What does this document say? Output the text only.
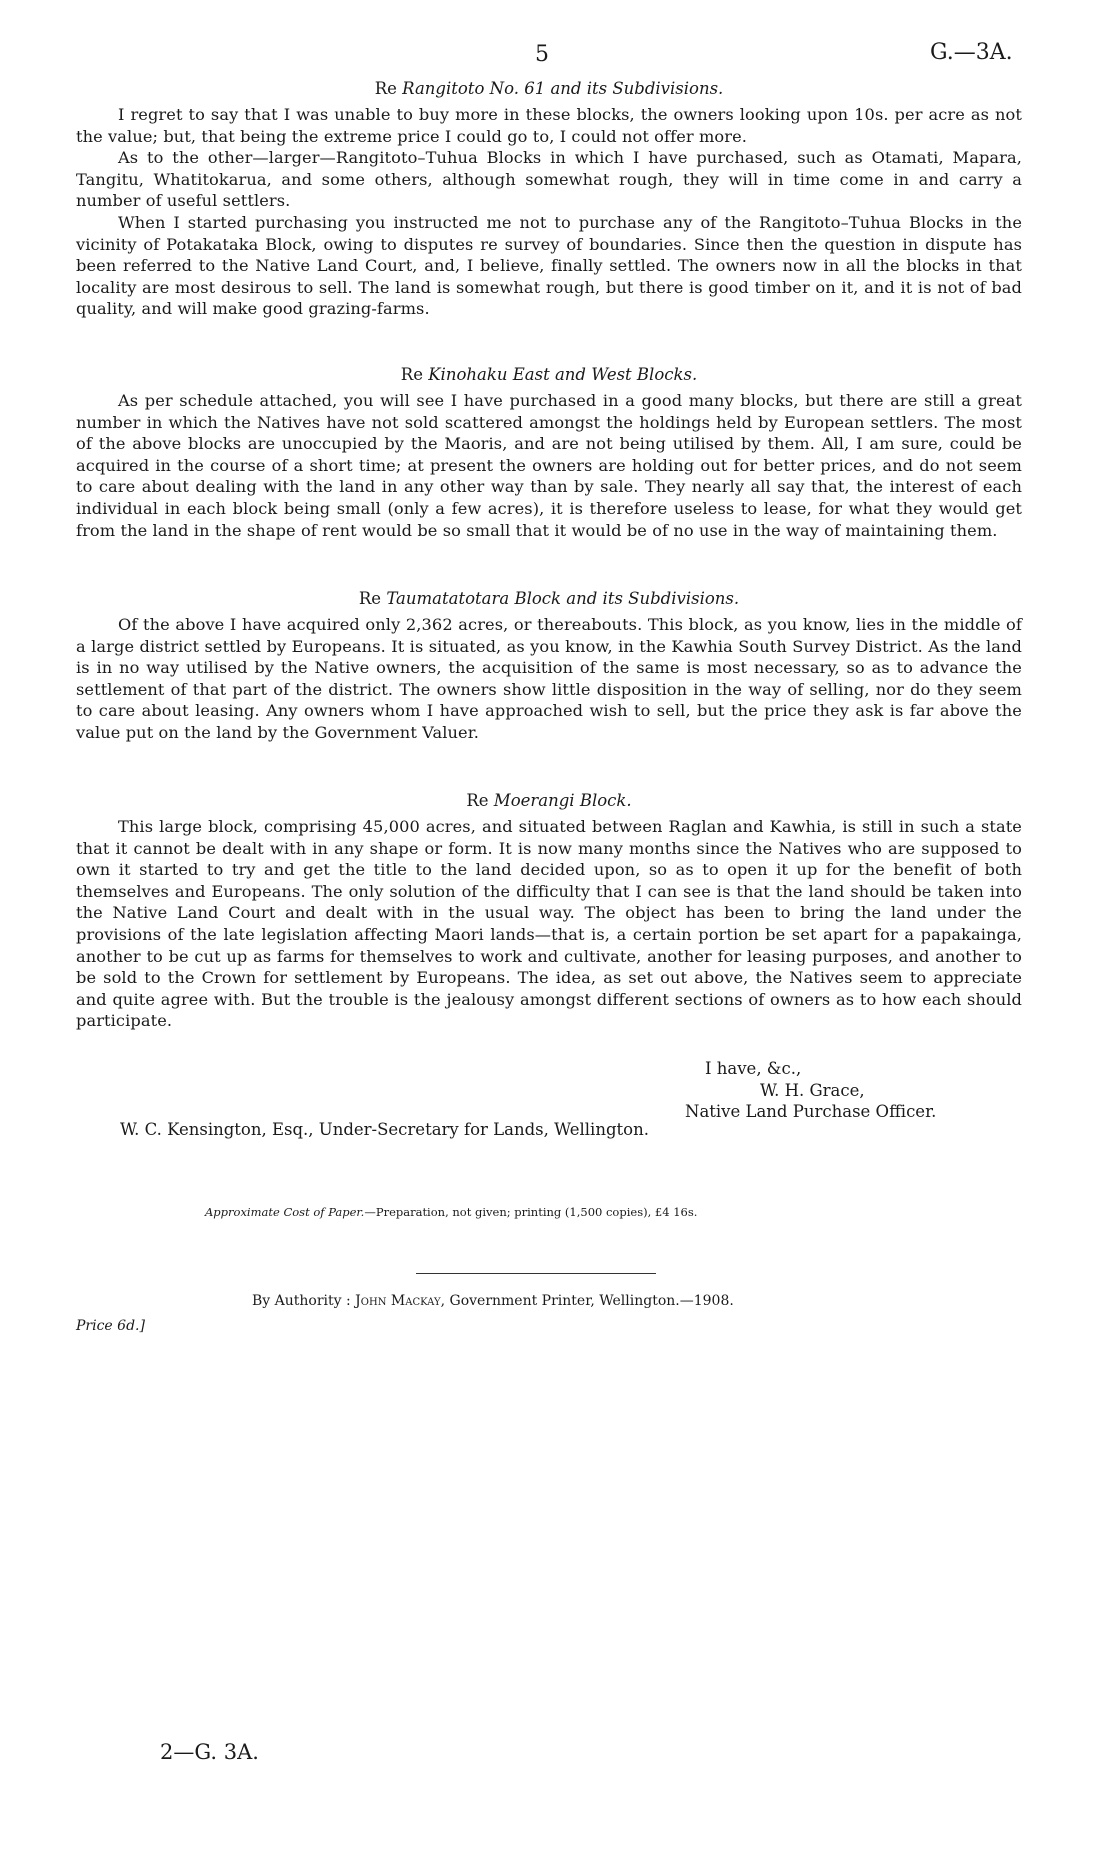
5	G.—3A.
Re Rangitoto No. 61 and its Subdivisions.

I regret to say that I was unable to buy more in these blocks, the owners looking upon 10s. per acre as not the value; but, that being the extreme price I could go to, I could not offer more.

As to the other—larger—Rangitoto–Tuhua Blocks in which I have purchased, such as Otamati, Mapara, Tangitu, Whatitokarua, and some others, although somewhat rough, they will in time come in and carry a number of useful settlers.

When I started purchasing you instructed me not to purchase any of the Rangitoto–Tuhua Blocks in the vicinity of Potakataka Block, owing to disputes re survey of boundaries. Since then the question in dispute has been referred to the Native Land Court, and, I believe, finally settled. The owners now in all the blocks in that locality are most desirous to sell. The land is somewhat rough, but there is good timber on it, and it is not of bad quality, and will make good grazing-farms.

Re Kinohaku East and West Blocks.

As per schedule attached, you will see I have purchased in a good many blocks, but there are still a great number in which the Natives have not sold scattered amongst the holdings held by European settlers. The most of the above blocks are unoccupied by the Maoris, and are not being utilised by them. All, I am sure, could be acquired in the course of a short time; at present the owners are holding out for better prices, and do not seem to care about dealing with the land in any other way than by sale. They nearly all say that, the interest of each individual in each block being small (only a few acres), it is therefore useless to lease, for what they would get from the land in the shape of rent would be so small that it would be of no use in the way of maintaining them.

Re Taumatatotara Block and its Subdivisions.

Of the above I have acquired only 2,362 acres, or thereabouts. This block, as you know, lies in the middle of a large district settled by Europeans. It is situated, as you know, in the Kawhia South Survey District. As the land is in no way utilised by the Native owners, the acquisition of the same is most necessary, so as to advance the settlement of that part of the district. The owners show little disposition in the way of selling, nor do they seem to care about leasing. Any owners whom I have approached wish to sell, but the price they ask is far above the value put on the land by the Government Valuer.

Re Moerangi Block.

This large block, comprising 45,000 acres, and situated between Raglan and Kawhia, is still in such a state that it cannot be dealt with in any shape or form. It is now many months since the Natives who are supposed to own it started to try and get the title to the land decided upon, so as to open it up for the benefit of both themselves and Europeans. The only solution of the difficulty that I can see is that the land should be taken into the Native Land Court and dealt with in the usual way. The object has been to bring the land under the provisions of the late legislation affecting Maori lands—that is, a certain portion be set apart for a papakainga, another to be cut up as farms for themselves to work and cultivate, another for leasing purposes, and another to be sold to the Crown for settlement by Europeans. The idea, as set out above, the Natives seem to appreciate and quite agree with. But the trouble is the jealousy amongst different sections of owners as to how each should participate.

I have, &c.,
W. H. Grace,
Native Land Purchase Officer.
W. C. Kensington, Esq., Under-Secretary for Lands, Wellington.
Approximate Cost of Paper.—Preparation, not given; printing (1,500 copies), £4 16s.
By Authority : John Mackay, Government Printer, Wellington.—1908.
Price 6d.]
2—G. 3A.
